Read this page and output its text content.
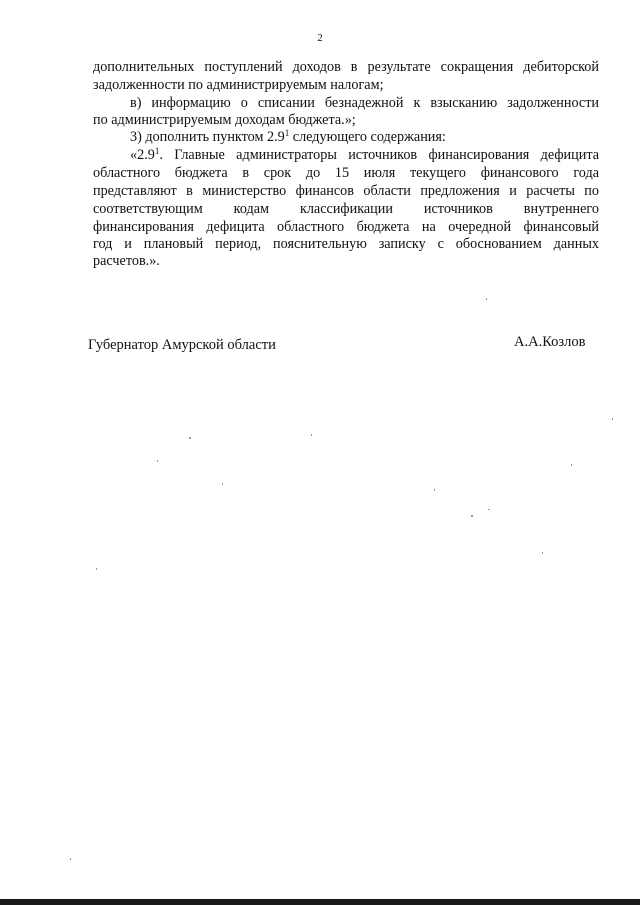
2
дополнительных поступлений доходов в результате сокращения дебиторской
задолженности по администрируемым налогам;
в) информацию о списании безнадежной к взысканию задолженности
по администрируемым доходам бюджета.»;
3) дополнить пунктом $2.9^1$ следующего содержания:
«$2.9^1$. Главные администраторы источников финансирования дефицита
областного бюджета в срок до 15 июля текущего финансового года
представляют в министерство финансов области предложения и расчеты по
соответствующим кодам классификации источников внутреннего
финансирования дефицита областного бюджета на очередной финансовый
год и плановый период, пояснительную записку с обоснованием данных
расчетов.».
Губернатор Амурской области	А.А.Козлов
